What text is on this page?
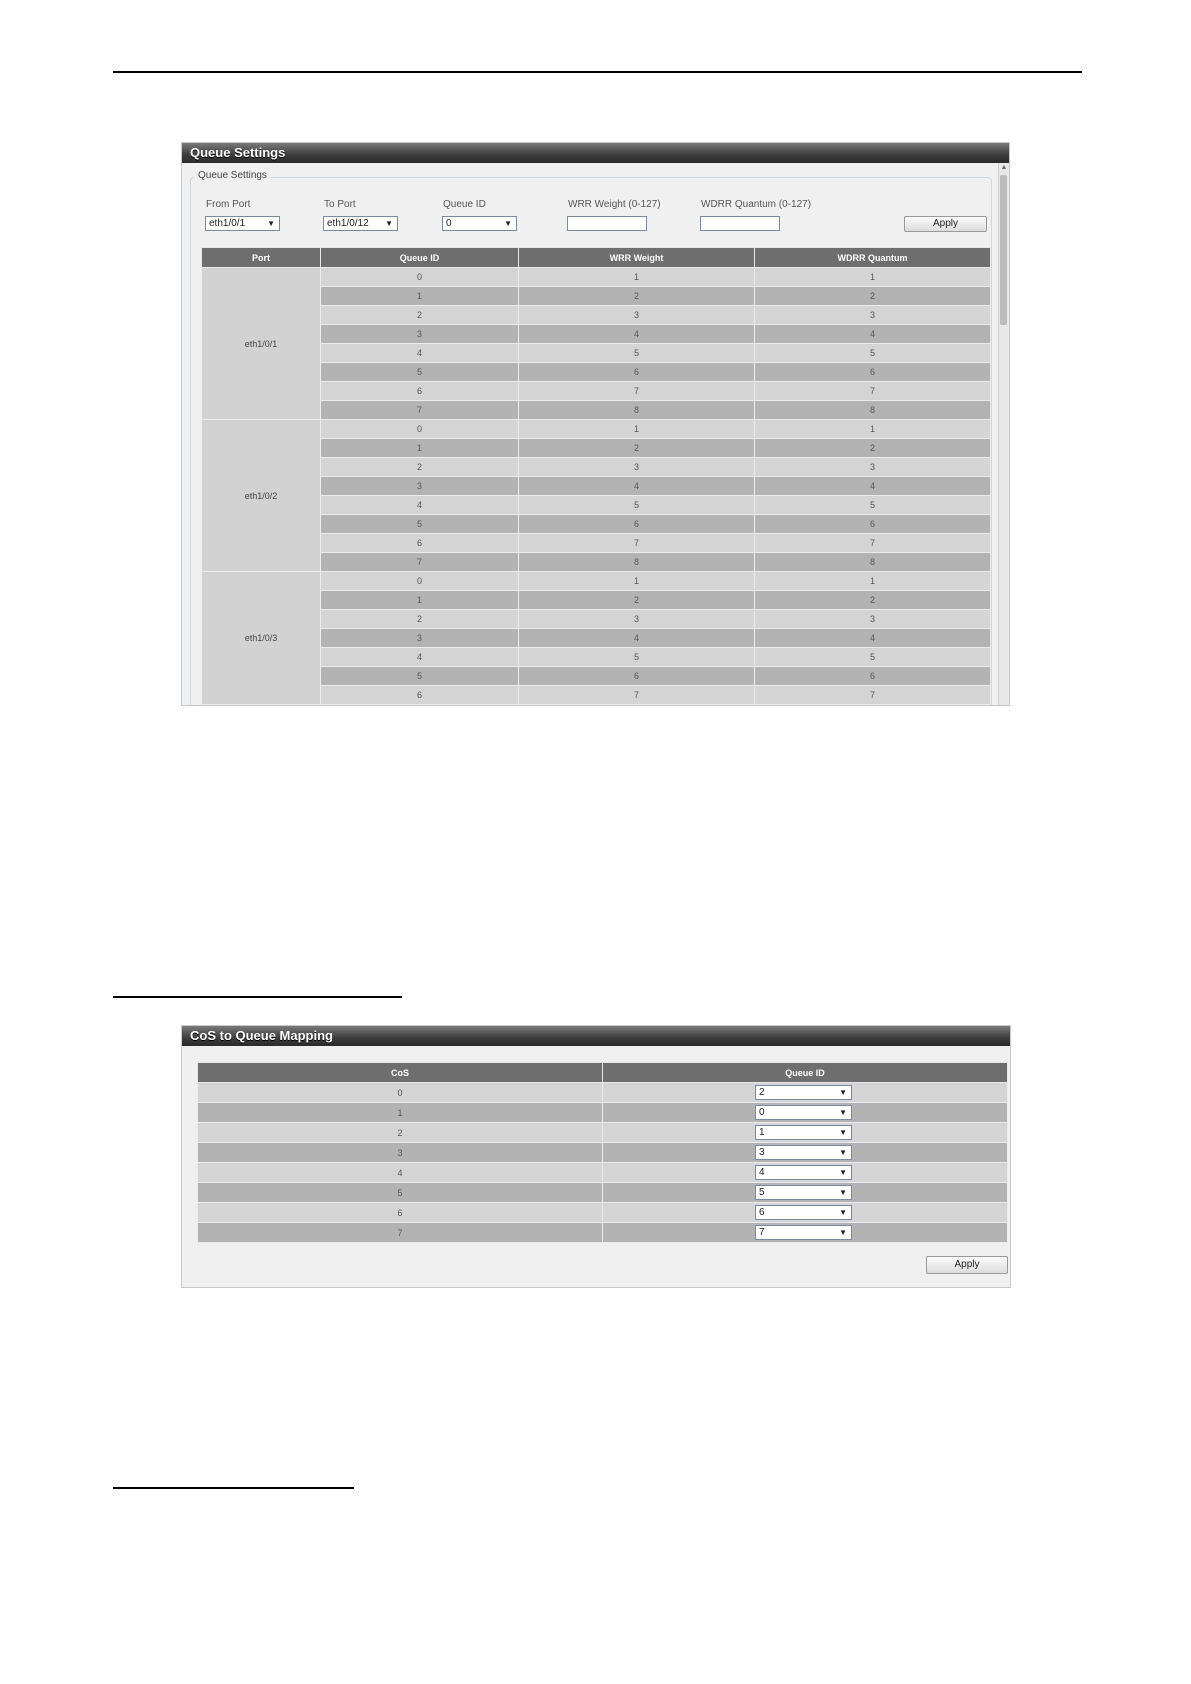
Queue Settings
▲
Queue Settings
From Port
eth1/0/1	▼
To Port
eth1/0/12 ▼
Queue ID
0	▼
WRR Weight (0-127)	WDRR Quantum (0-127)
Apply
Port	Queue ID	WRR Weight	WDRR Quantum
eth1/0/1	0	1	1
	1	2	2
	2	3	3
	3	4	4
	4	5	5
	5	6	6
	6	7	7
	7	8	8
eth1/0/2	0	1	1
	1	2	2
	2	3	3
	3	4	4
	4	5	5
	5	6	6
	6	7	7
	7	8	8
eth1/0/3	0	1	1
	1	2	2
	2	3	3
	3	4	4
	4	5	5
	5	6	6
	6	7	7
CoS to Queue Mapping
CoS	Queue ID
0	2 ▼

1	0 ▼

2	1 ▼

3	3 ▼

4	4 ▼

5	5 ▼

6	6 ▼

7	7 ▼
Apply
